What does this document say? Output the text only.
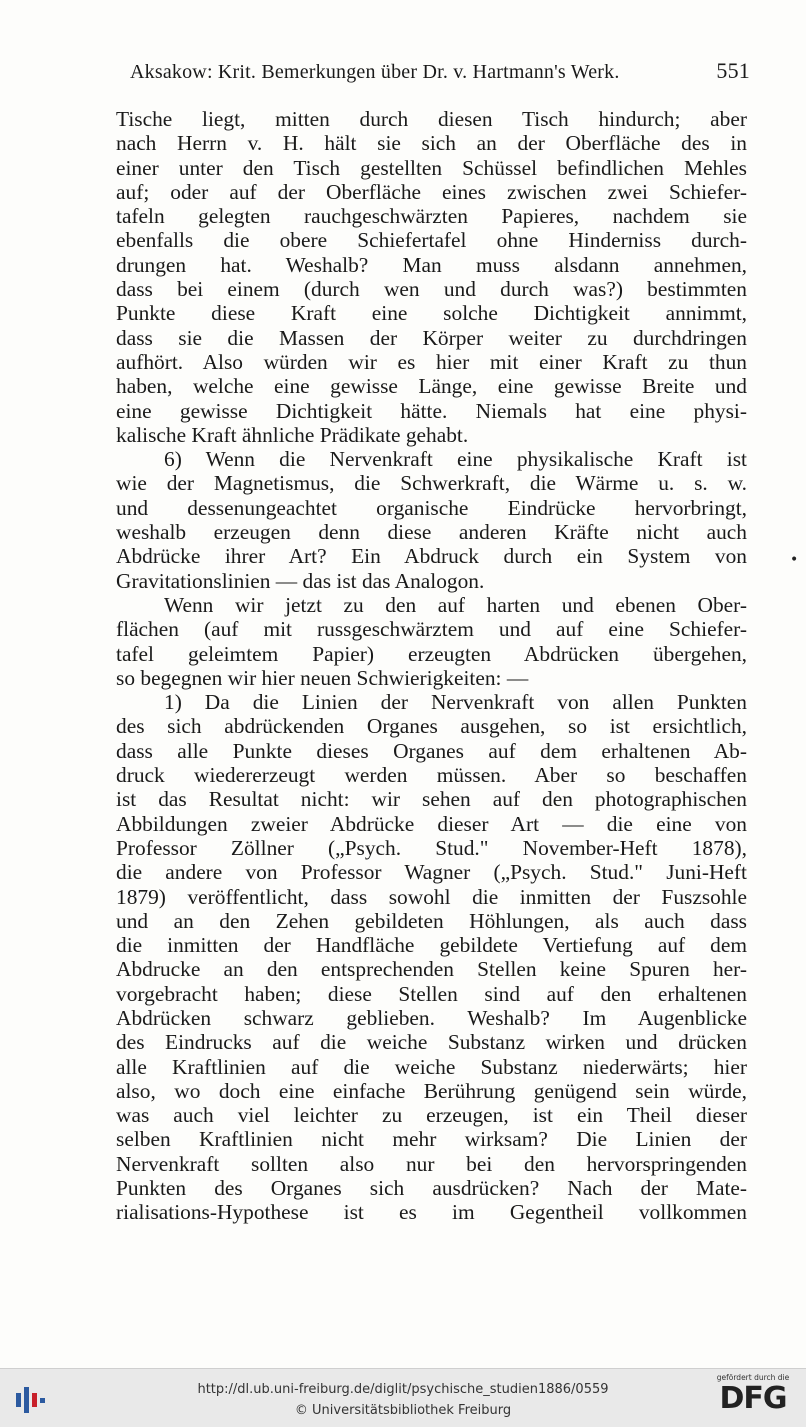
Aksakow: Krit. Bemerkungen über Dr. v. Hartmann's Werk.	551
Tische liegt, mitten durch diesen Tisch hindurch; aber
nach Herrn v. H. hält sie sich an der Oberfläche des in
einer unter den Tisch gestellten Schüssel befindlichen Mehles
auf; oder auf der Oberfläche eines zwischen zwei Schiefer-
tafeln gelegten rauchgeschwärzten Papieres, nachdem sie
ebenfalls die obere Schiefertafel ohne Hinderniss durch-
drungen hat. Weshalb? Man muss alsdann annehmen,
dass bei einem (durch wen und durch was?) bestimmten
Punkte diese Kraft eine solche Dichtigkeit annimmt,
dass sie die Massen der Körper weiter zu durchdringen
aufhört. Also würden wir es hier mit einer Kraft zu thun
haben, welche eine gewisse Länge, eine gewisse Breite und
eine gewisse Dichtigkeit hätte. Niemals hat eine physi-
kalische Kraft ähnliche Prädikate gehabt.
6) Wenn die Nervenkraft eine physikalische Kraft ist
wie der Magnetismus, die Schwerkraft, die Wärme u. s. w.
und dessenungeachtet organische Eindrücke hervorbringt,
weshalb erzeugen denn diese anderen Kräfte nicht auch
Abdrücke ihrer Art? Ein Abdruck durch ein System von
Gravitationslinien — das ist das Analogon.
Wenn wir jetzt zu den auf harten und ebenen Ober-
flächen (auf mit russgeschwärztem und auf eine Schiefer-
tafel geleimtem Papier) erzeugten Abdrücken übergehen,
so begegnen wir hier neuen Schwierigkeiten: —
1) Da die Linien der Nervenkraft von allen Punkten
des sich abdrückenden Organes ausgehen, so ist ersichtlich,
dass alle Punkte dieses Organes auf dem erhaltenen Ab-
druck wiedererzeugt werden müssen. Aber so beschaffen
ist das Resultat nicht: wir sehen auf den photographischen
Abbildungen zweier Abdrücke dieser Art — die eine von
Professor Zöllner („Psych. Stud." November-Heft 1878),
die andere von Professor Wagner („Psych. Stud." Juni-Heft
1879) veröffentlicht, dass sowohl die inmitten der Fuszsohle
und an den Zehen gebildeten Höhlungen, als auch dass
die inmitten der Handfläche gebildete Vertiefung auf dem
Abdrucke an den entsprechenden Stellen keine Spuren her-
vorgebracht haben; diese Stellen sind auf den erhaltenen
Abdrücken schwarz geblieben. Weshalb? Im Augenblicke
des Eindrucks auf die weiche Substanz wirken und drücken
alle Kraftlinien auf die weiche Substanz niederwärts; hier
also, wo doch eine einfache Berührung genügend sein würde,
was auch viel leichter zu erzeugen, ist ein Theil dieser
selben Kraftlinien nicht mehr wirksam? Die Linien der
Nervenkraft sollten also nur bei den hervorspringenden
Punkten des Organes sich ausdrücken? Nach der Mate-
rialisations-Hypothese ist es im Gegentheil vollkommen
•
http://dl.ub.uni-freiburg.de/diglit/psychische_studien1886/0559
© Universitätsbibliothek Freiburg
gefördert durch die
DFG
